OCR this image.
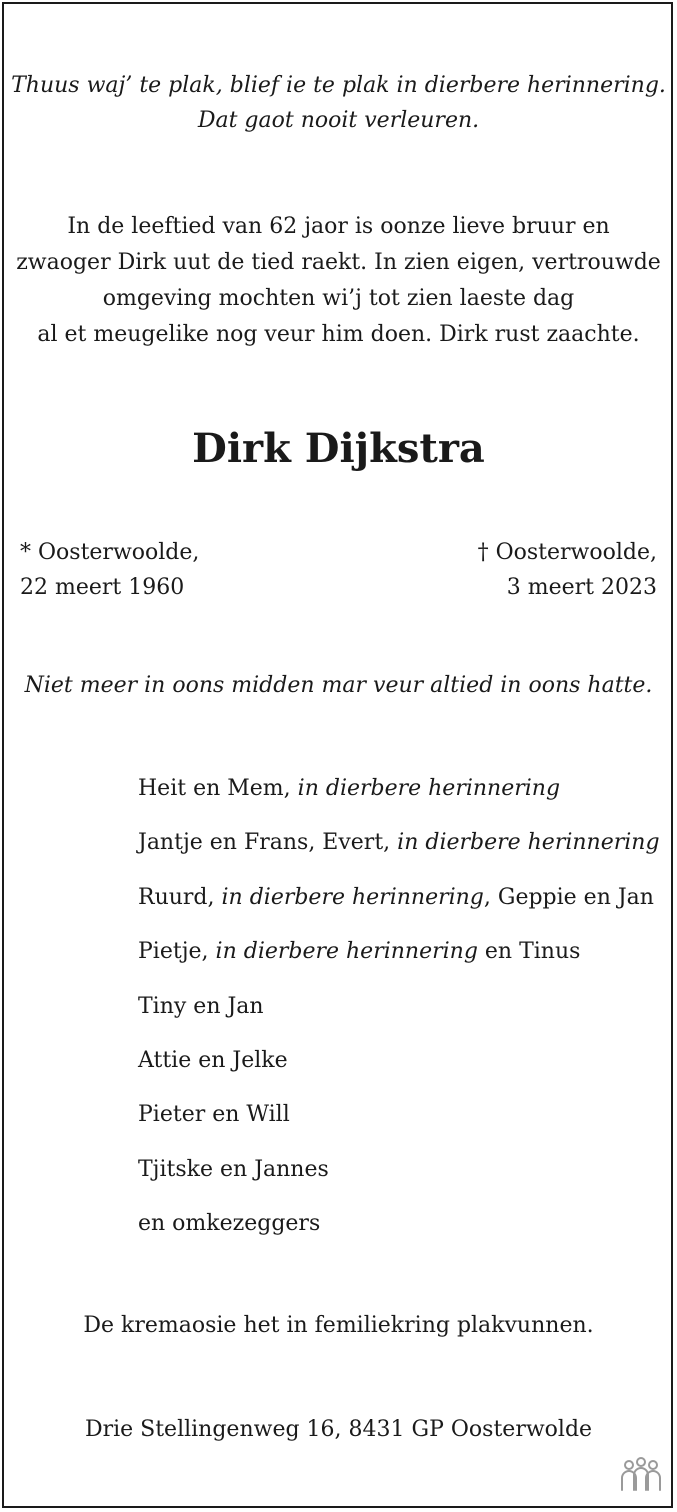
Thuus waj’ te plak, blief ie te plak in dierbere herinnering.
Dat gaot nooit verleuren.
In de leeftied van 62 jaor is oonze lieve bruur en
zwaoger Dirk uut de tied raekt. In zien eigen, vertrouwde
omgeving mochten wi’j tot zien laeste dag
al et meugelike nog veur him doen. Dirk rust zaachte.
Dirk Dijkstra
* Oosterwoolde,
22 meert 1960
† Oosterwoolde,
3 meert 2023
Niet meer in oons midden mar veur altied in oons hatte.
Heit en Mem, in dierbere herinnering
Jantje en Frans, Evert, in dierbere herinnering
Ruurd, in dierbere herinnering, Geppie en Jan
Pietje, in dierbere herinnering en Tinus
Tiny en Jan
Attie en Jelke
Pieter en Will
Tjitske en Jannes
en omkezeggers
De kremaosie het in femiliekring plakvunnen.
Drie Stellingenweg 16, 8431 GP Oosterwolde
